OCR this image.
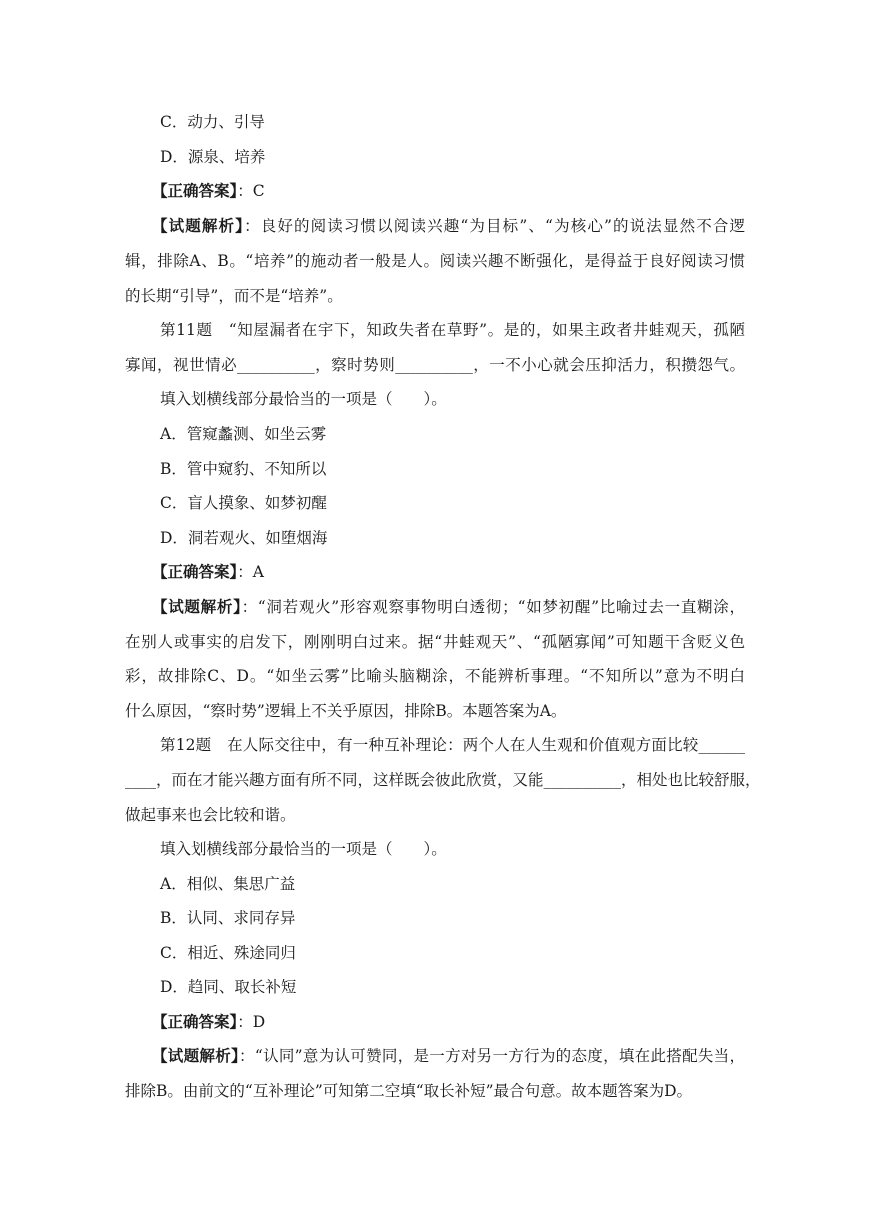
C．动力、引导
D．源泉、培养
【正确答案】：C
【试题解析】：良好的阅读习惯以阅读兴趣“为目标”、“为核心”的说法显然不合逻
辑，排除A、B。“培养”的施动者一般是人。阅读兴趣不断强化，是得益于良好阅读习惯
的长期“引导”，而不是“培养”。
第11题　“知屋漏者在宇下，知政失者在草野”。是的，如果主政者井蛙观天，孤陋
寡闻，视世情必__________，察时势则__________，一不小心就会压抑活力，积攒怨气。
填入划横线部分最恰当的一项是（　　）。
A．管窥蠡测、如坐云雾
B．管中窥豹、不知所以
C．盲人摸象、如梦初醒
D．洞若观火、如堕烟海
【正确答案】：A
【试题解析】：“洞若观火”形容观察事物明白透彻；“如梦初醒”比喻过去一直糊涂，
在别人或事实的启发下，刚刚明白过来。据“井蛙观天”、“孤陋寡闻”可知题干含贬义色
彩，故排除C、D。“如坐云雾”比喻头脑糊涂，不能辨析事理。“不知所以”意为不明白
什么原因，“察时势”逻辑上不关乎原因，排除B。本题答案为A。
第12题　在人际交往中，有一种互补理论：两个人在人生观和价值观方面比较______
____，而在才能兴趣方面有所不同，这样既会彼此欣赏，又能__________，相处也比较舒服，
做起事来也会比较和谐。
填入划横线部分最恰当的一项是（　　）。
A．相似、集思广益
B．认同、求同存异
C．相近、殊途同归
D．趋同、取长补短
【正确答案】：D
【试题解析】：“认同”意为认可赞同，是一方对另一方行为的态度，填在此搭配失当，
排除B。由前文的“互补理论”可知第二空填“取长补短”最合句意。故本题答案为D。
